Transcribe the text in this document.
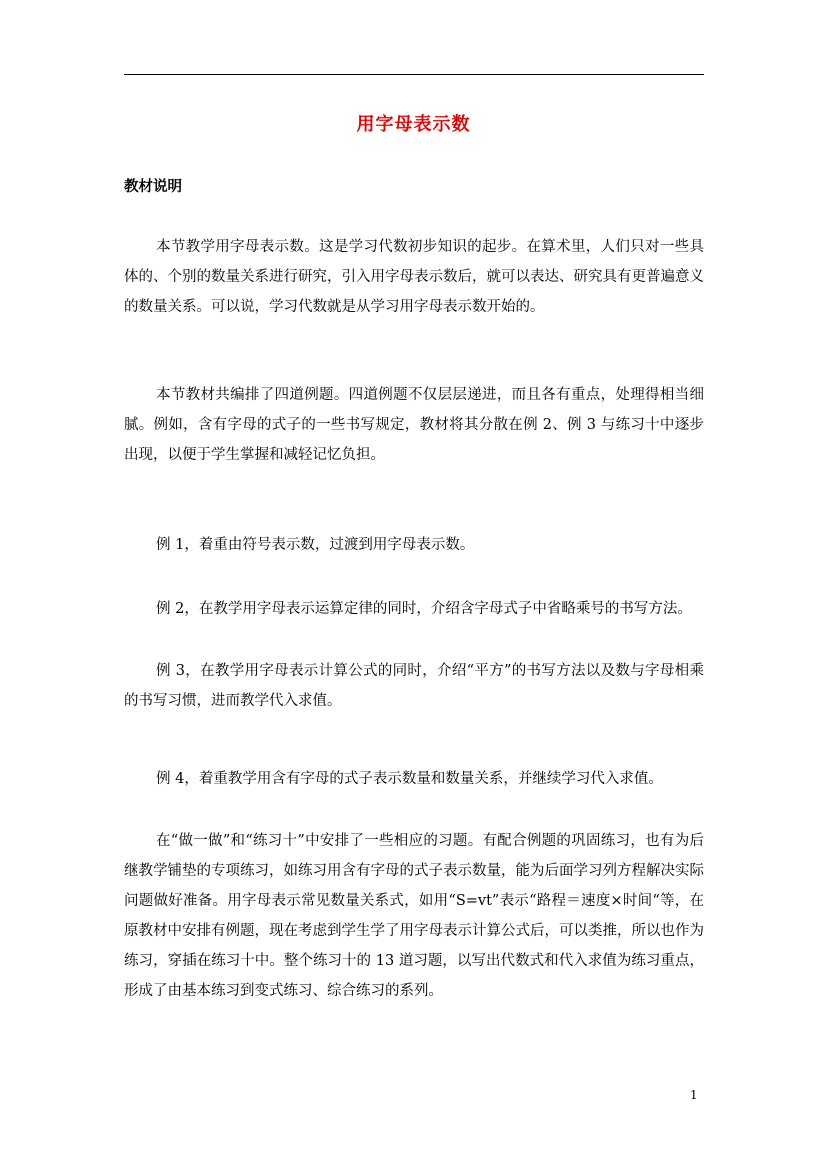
用字母表示数
教材说明

本节教学用字母表示数。这是学习代数初步知识的起步。在算术里，人们只对一些具体的、个别的数量关系进行研究，引入用字母表示数后，就可以表达、研究具有更普遍意义的数量关系。可以说，学习代数就是从学习用字母表示数开始的。

本节教材共编排了四道例题。四道例题不仅层层递进，而且各有重点，处理得相当细腻。例如，含有字母的式子的一些书写规定，教材将其分散在例 2、例 3 与练习十中逐步出现，以便于学生掌握和减轻记忆负担。

例 1，着重由符号表示数，过渡到用字母表示数。

例 2，在教学用字母表示运算定律的同时，介绍含字母式子中省略乘号的书写方法。

例 3，在教学用字母表示计算公式的同时，介绍“平方”的书写方法以及数与字母相乘的书写习惯，进而教学代入求值。

例 4，着重教学用含有字母的式子表示数量和数量关系，并继续学习代入求值。

在“做一做”和“练习十”中安排了一些相应的习题。有配合例题的巩固练习，也有为后继教学铺垫的专项练习，如练习用含有字母的式子表示数量，能为后面学习列方程解决实际问题做好准备。用字母表示常见数量关系式，如用“S=vt”表示“路程＝速度×时间“等，在原教材中安排有例题，现在考虑到学生学了用字母表示计算公式后，可以类推，所以也作为练习，穿插在练习十中。整个练习十的 13 道习题，以写出代数式和代入求值为练习重点，形成了由基本练习到变式练习、综合练习的系列。

1
